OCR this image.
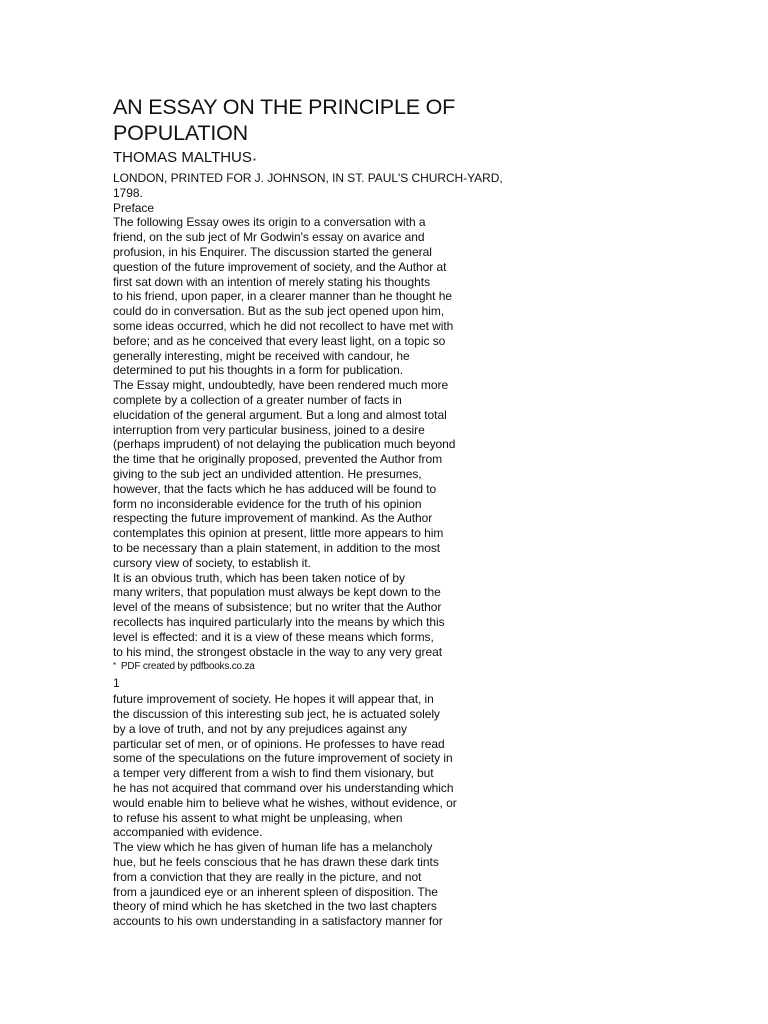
AN ESSAY ON THE PRINCIPLE OF
POPULATION
THOMAS $MALTHUS_*$
LONDON, PRINTED FOR J. JOHNSON, IN ST. PAUL'S CHURCH-YARD,
1798.
Preface
The following Essay owes its origin to a conversation with a
friend, on the sub ject of Mr Godwin's essay on avarice and
profusion, in his Enquirer. The discussion started the general
question of the future improvement of society, and the Author at
first sat down with an intention of merely stating his thoughts
to his friend, upon paper, in a clearer manner than he thought he
could do in conversation. But as the sub ject opened upon him,
some ideas occurred, which he did not recollect to have met with
before; and as he conceived that every least light, on a topic so
generally interesting, might be received with candour, he
determined to put his thoughts in a form for publication.
The Essay might, undoubtedly, have been rendered much more
complete by a collection of a greater number of facts in
elucidation of the general argument. But a long and almost total
interruption from very particular business, joined to a desire
(perhaps imprudent) of not delaying the publication much beyond
the time that he originally proposed, prevented the Author from
giving to the sub ject an undivided attention. He presumes,
however, that the facts which he has adduced will be found to
form no inconsiderable evidence for the truth of his opinion
respecting the future improvement of mankind. As the Author
contemplates this opinion at present, little more appears to him
to be necessary than a plain statement, in addition to the most
cursory view of society, to establish it.
It is an obvious truth, which has been taken notice of by
many writers, that population must always be kept down to the
level of the means of subsistence; but no writer that the Author
recollects has inquired particularly into the means by which this
level is effected: and it is a view of these means which forms,
to his mind, the strongest obstacle in the way to any very great
* PDF created by pdfbooks.co.za
1
future improvement of society. He hopes it will appear that, in
the discussion of this interesting sub ject, he is actuated solely
by a love of truth, and not by any prejudices against any
particular set of men, or of opinions. He professes to have read
some of the speculations on the future improvement of society in
a temper very different from a wish to find them visionary, but
he has not acquired that command over his understanding which
would enable him to believe what he wishes, without evidence, or
to refuse his assent to what might be unpleasing, when
accompanied with evidence.
The view which he has given of human life has a melancholy
hue, but he feels conscious that he has drawn these dark tints
from a conviction that they are really in the picture, and not
from a jaundiced eye or an inherent spleen of disposition. The
theory of mind which he has sketched in the two last chapters
accounts to his own understanding in a satisfactory manner for
